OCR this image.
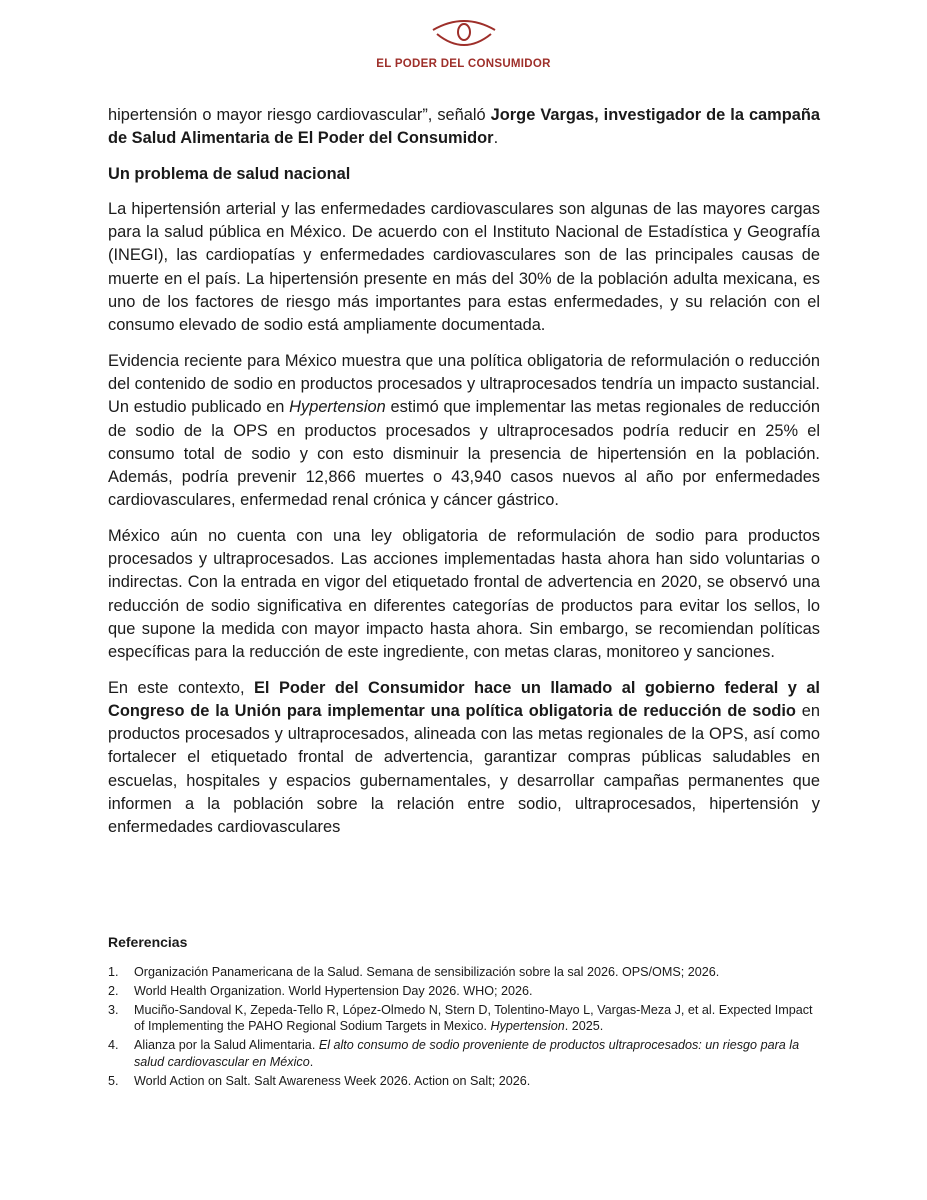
EL PODER DEL CONSUMIDOR

hipertensión o mayor riesgo cardiovascular”, señaló Jorge Vargas, investigador de la campaña de Salud Alimentaria de El Poder del Consumidor.

Un problema de salud nacional

La hipertensión arterial y las enfermedades cardiovasculares son algunas de las mayores cargas para la salud pública en México. De acuerdo con el Instituto Nacional de Estadística y Geografía (INEGI), las cardiopatías y enfermedades cardiovasculares son de las principales causas de muerte en el país. La hipertensión presente en más del 30% de la población adulta mexicana, es uno de los factores de riesgo más importantes para estas enfermedades, y su relación con el consumo elevado de sodio está ampliamente documentada.

Evidencia reciente para México muestra que una política obligatoria de reformulación o reducción del contenido de sodio en productos procesados y ultraprocesados tendría un impacto sustancial. Un estudio publicado en Hypertension estimó que implementar las metas regionales de reducción de sodio de la OPS en productos procesados y ultraprocesados podría reducir en 25% el consumo total de sodio y con esto disminuir la presencia de hipertensión en la población. Además, podría prevenir 12,866 muertes o 43,940 casos nuevos al año por enfermedades cardiovasculares, enfermedad renal crónica y cáncer gástrico.

México aún no cuenta con una ley obligatoria de reformulación de sodio para productos procesados y ultraprocesados. Las acciones implementadas hasta ahora han sido voluntarias o indirectas. Con la entrada en vigor del etiquetado frontal de advertencia en 2020, se observó una reducción de sodio significativa en diferentes categorías de productos para evitar los sellos, lo que supone la medida con mayor impacto hasta ahora. Sin embargo, se recomiendan políticas específicas para la reducción de este ingrediente, con metas claras, monitoreo y sanciones.

En este contexto, El Poder del Consumidor hace un llamado al gobierno federal y al Congreso de la Unión para implementar una política obligatoria de reducción de sodio en productos procesados y ultraprocesados, alineada con las metas regionales de la OPS, así como fortalecer el etiquetado frontal de advertencia, garantizar compras públicas saludables en escuelas, hospitales y espacios gubernamentales, y desarrollar campañas permanentes que informen a la población sobre la relación entre sodio, ultraprocesados, hipertensión y enfermedades cardiovasculares

Referencias
1. Organización Panamericana de la Salud. Semana de sensibilización sobre la sal 2026. OPS/OMS; 2026.
2. World Health Organization. World Hypertension Day 2026. WHO; 2026.
3. Muciño-Sandoval K, Zepeda-Tello R, López-Olmedo N, Stern D, Tolentino-Mayo L, Vargas-Meza J, et al. Expected Impact of Implementing the PAHO Regional Sodium Targets in Mexico. Hypertension. 2025.
4. Alianza por la Salud Alimentaria. El alto consumo de sodio proveniente de productos ultraprocesados: un riesgo para la salud cardiovascular en México.
5. World Action on Salt. Salt Awareness Week 2026. Action on Salt; 2026.
